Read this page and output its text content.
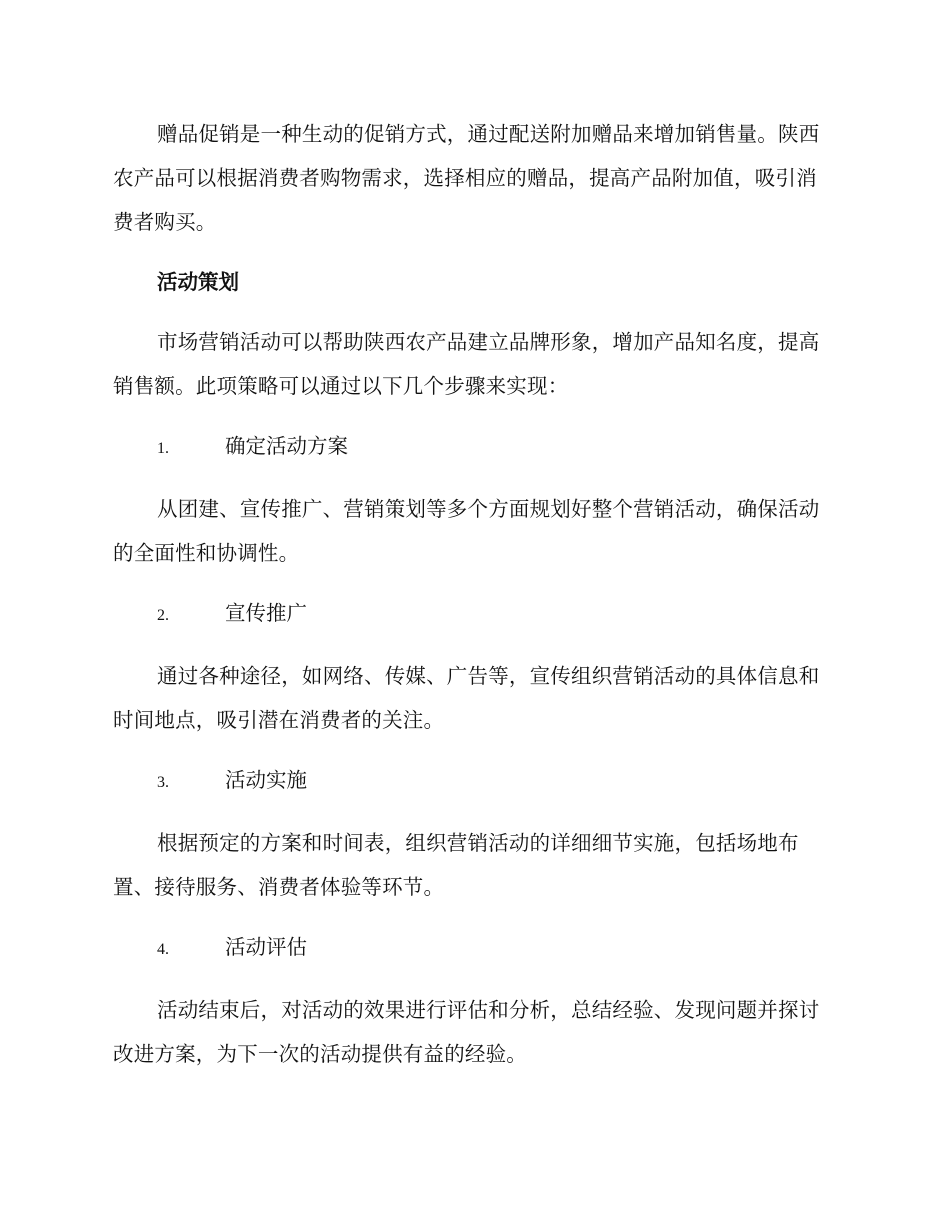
赠品促销是一种生动的促销方式，通过配送附加赠品来增加销售量。陕西农产品可以根据消费者购物需求，选择相应的赠品，提高产品附加值，吸引消费者购买。

活动策划

市场营销活动可以帮助陕西农产品建立品牌形象，增加产品知名度，提高销售额。此项策略可以通过以下几个步骤来实现：

1.	确定活动方案

从团建、宣传推广、营销策划等多个方面规划好整个营销活动，确保活动的全面性和协调性。

2.	宣传推广

通过各种途径，如网络、传媒、广告等，宣传组织营销活动的具体信息和时间地点，吸引潜在消费者的关注。

3.	活动实施

根据预定的方案和时间表，组织营销活动的详细细节实施，包括场地布置、接待服务、消费者体验等环节。

4.	活动评估

活动结束后，对活动的效果进行评估和分析，总结经验、发现问题并探讨改进方案，为下一次的活动提供有益的经验。
